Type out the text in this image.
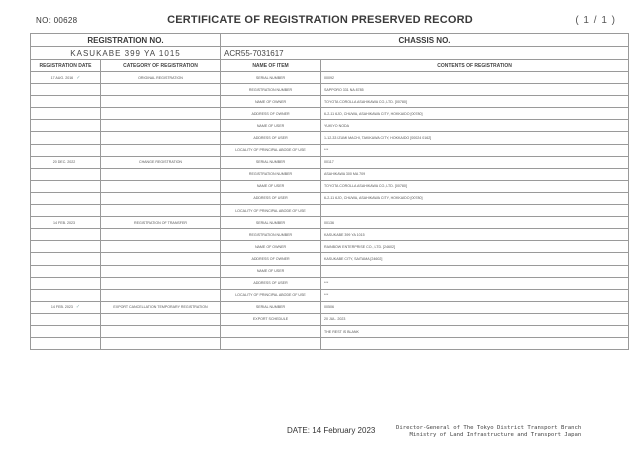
NO: 00628	CERTIFICATE OF REGISTRATION PRESERVED RECORD	( 1 / 1 )
REGISTRATION NO.		CHASSIS NO.	
KASUKABE 399 YA 1015		ACR55-7031617	
REGISTRATION DATE	CATEGORY OF REGISTRATION	NAME OF ITEM	CONTENTS OF REGISTRATION
17 AUG. 2016 ✓	ORIGINAL REGISTRATION	SERIAL NUMBER	00092
		REGISTRATION NUMBER	SAPPORO 331 NA 8785
		NAME OF OWNER	TOYOTA COROLLA ASAHIKAWA CO.,LTD. [00780]
		ADDRESS OF OWNER	6-2-11 6JO, CHUWA, ASAHIKAWA CITY, HOKKAIDO [00780]
		NAME OF USER	YUKIYO NODA
		ADDRESS OF USER	1-12-33 IZUMI MACHI, TAKIKAWA CITY, HOKKAIDO [00024 0162]
		LOCALITY OF PRINCIPAL ABODE OF USE	***
20 DEC. 2022	CHANGE REGISTRATION	SERIAL NUMBER	00117
		REGISTRATION NUMBER	ASAHIKAWA 300 MA 709
		NAME OF USER	TOYOTA COROLLA ASAHIKAWA CO.,LTD. [00780]
		ADDRESS OF USER	6-2-11 6JO, CHUWA, ASAHIKAWA CITY, HOKKAIDO [00780]
		LOCALITY OF PRINCIPAL ABODE OF USE	
14 FEB. 2023	REGISTRATION OF TRANSFER	SERIAL NUMBER	00136
		REGISTRATION NUMBER	KASUKABE 399 YA 1015
		NAME OF OWNER	RAINBOW ENTERPRISE CO., LTD. [24602]
		ADDRESS OF OWNER	KASUKABE CITY, SAITAMA [24602]
		NAME OF USER	
		ADDRESS OF USER	***
		LOCALITY OF PRINCIPAL ABODE OF USE	***
14 FEB. 2023 ✓	EXPORT CANCELLATION TEMPORARY REGISTRATION	SERIAL NUMBER	00506
		EXPORT SCHEDULE	20 JUL. 2023
			THE REST IS BLANK

DATE: 14 February 2023	Director-General of The Tokyo District Transport Branch
Ministry of Land Infrastructure and Transport Japan
